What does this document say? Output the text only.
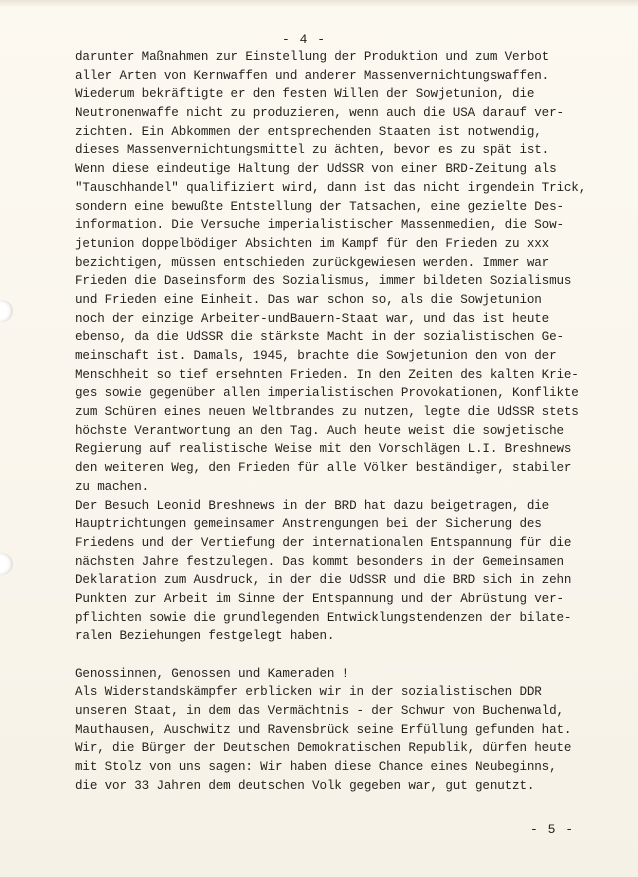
- 4 -
darunter Maßnahmen zur Einstellung der Produktion und zum Verbot
aller Arten von Kernwaffen und anderer Massenvernichtungswaffen.
Wiederum bekräftigte er den festen Willen der Sowjetunion, die
Neutronenwaffe nicht zu produzieren, wenn auch die USA darauf ver-
zichten. Ein Abkommen der entsprechenden Staaten ist notwendig,
dieses Massenvernichtungsmittel zu ächten, bevor es zu spät ist.
Wenn diese eindeutige Haltung der UdSSR von einer BRD-Zeitung als
"Tauschhandel" qualifiziert wird, dann ist das nicht irgendein Trick,
sondern eine bewußte Entstellung der Tatsachen, eine gezielte Des-
information. Die Versuche imperialistischer Massenmedien, die Sow-
jetunion doppelbödiger Absichten im Kampf für den Frieden zu xxx
bezichtigen, müssen entschieden zurückgewiesen werden. Immer war
Frieden die Daseinsform des Sozialismus, immer bildeten Sozialismus
und Frieden eine Einheit. Das war schon so, als die Sowjetunion
noch der einzige Arbeiter-undBauern-Staat war, und das ist heute
ebenso, da die UdSSR die stärkste Macht in der sozialistischen Ge-
meinschaft ist. Damals, 1945, brachte die Sowjetunion den von der
Menschheit so tief ersehnten Frieden. In den Zeiten des kalten Krie-
ges sowie gegenüber allen imperialistischen Provokationen, Konflikte
zum Schüren eines neuen Weltbrandes zu nutzen, legte die UdSSR stets
höchste Verantwortung an den Tag. Auch heute weist die sowjetische
Regierung auf realistische Weise mit den Vorschlägen L.I. Breshnews
den weiteren Weg, den Frieden für alle Völker beständiger, stabiler
zu machen.
Der Besuch Leonid Breshnews in der BRD hat dazu beigetragen, die
Hauptrichtungen gemeinsamer Anstrengungen bei der Sicherung des
Friedens und der Vertiefung der internationalen Entspannung für die
nächsten Jahre festzulegen. Das kommt besonders in der Gemeinsamen
Deklaration zum Ausdruck, in der die UdSSR und die BRD sich in zehn
Punkten zur Arbeit im Sinne der Entspannung und der Abrüstung ver-
pflichten sowie die grundlegenden Entwicklungstendenzen der bilate-
ralen Beziehungen festgelegt haben.
Genossinnen, Genossen und Kameraden !
Als Widerstandskämpfer erblicken wir in der sozialistischen DDR
unseren Staat, in dem das Vermächtnis - der Schwur von Buchenwald,
Mauthausen, Auschwitz und Ravensbrück seine Erfüllung gefunden hat.
Wir, die Bürger der Deutschen Demokratischen Republik, dürfen heute
mit Stolz von uns sagen: Wir haben diese Chance eines Neubeginns,
die vor 33 Jahren dem deutschen Volk gegeben war, gut genutzt.
- 5 -
